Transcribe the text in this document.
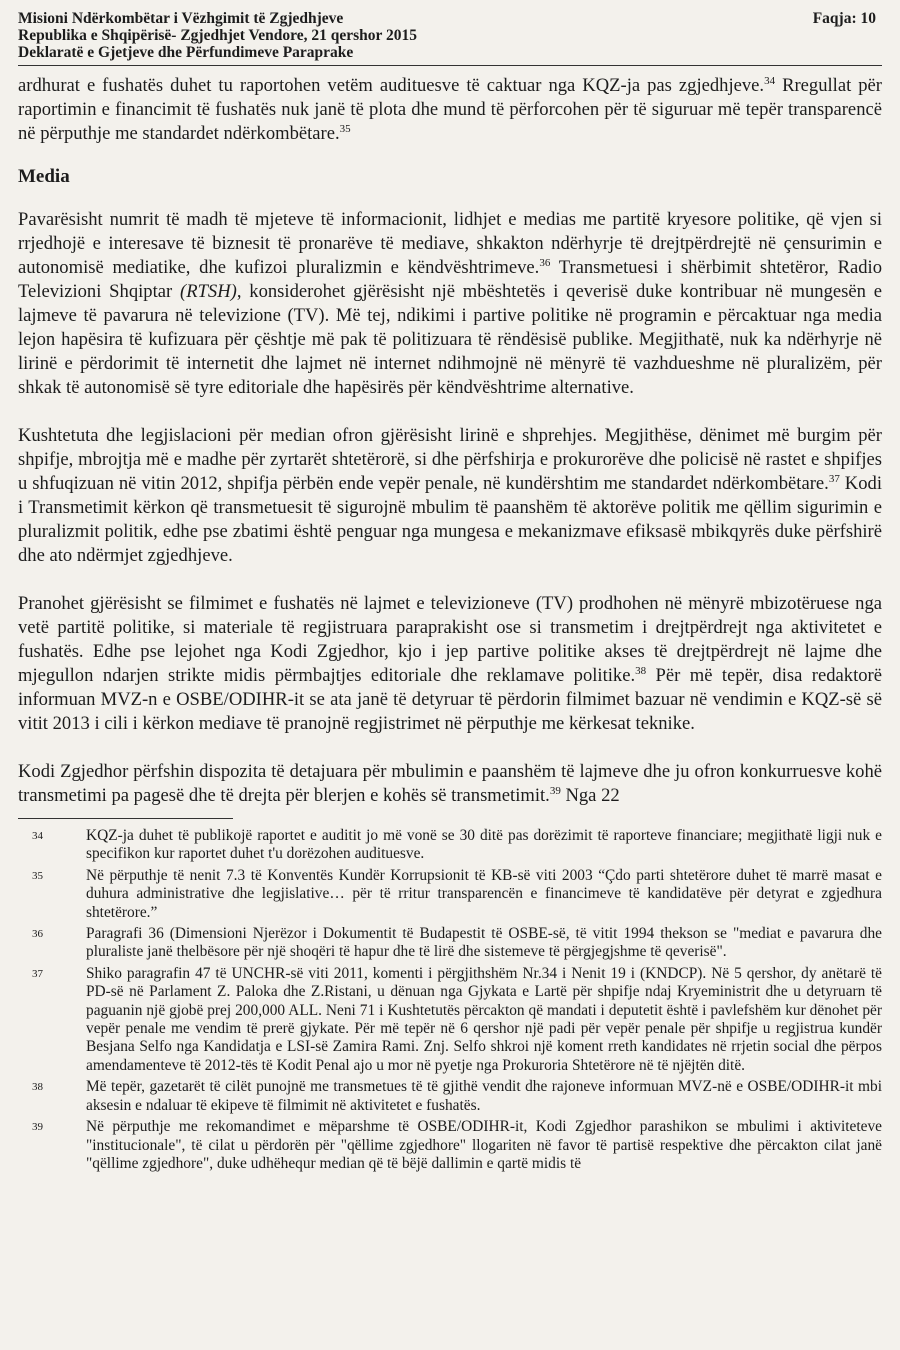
Misioni Ndërkombëtar i Vëzhgimit të Zgjedhjeve
Republika e Shqipërisë- Zgjedhjet Vendore, 21 qershor 2015
Deklaratë e Gjetjeve dhe Përfundimeve Paraprake
Faqja: 10

ardhurat e fushatës duhet tu raportohen vetëm audituesve të caktuar nga KQZ-ja pas zgjedhjeve.$^{34}$ Rregullat për raportimin e financimit të fushatës nuk janë të plota dhe mund të përforcohen për të siguruar më tepër transparencë në përputhje me standardet ndërkombëtare.$^{35}$

Media

Pavarësisht numrit të madh të mjeteve të informacionit, lidhjet e medias me partitë kryesore politike, që vjen si rrjedhojë e interesave të biznesit të pronarëve të mediave, shkakton ndërhyrje të drejtpërdrejtë në çensurimin e autonomisë mediatike, dhe kufizoi pluralizmin e këndvështrimeve.$^{36}$ Transmetuesi i shërbimit shtetëror, Radio Televizioni Shqiptar (RTSH), konsiderohet gjërësisht një mbështetës i qeverisë duke kontribuar në mungesën e lajmeve të pavarura në televizione (TV). Më tej, ndikimi i partive politike në programin e përcaktuar nga media lejon hapësira të kufizuara për çështje më pak të politizuara të rëndësisë publike. Megjithatë, nuk ka ndërhyrje në lirinë e përdorimit të internetit dhe lajmet në internet ndihmojnë në mënyrë të vazhdueshme në pluralizëm, për shkak të autonomisë së tyre editoriale dhe hapësirës për këndvështrime alternative.

Kushtetuta dhe legjislacioni për median ofron gjërësisht lirinë e shprehjes. Megjithëse, dënimet më burgim për shpifje, mbrojtja më e madhe për zyrtarët shtetërorë, si dhe përfshirja e prokurorëve dhe policisë në rastet e shpifjes u shfuqizuan në vitin 2012, shpifja përbën ende vepër penale, në kundërshtim me standardet ndërkombëtare.$^{37}$ Kodi i Transmetimit kërkon që transmetuesit të sigurojnë mbulim të paanshëm të aktorëve politik me qëllim sigurimin e pluralizmit politik, edhe pse zbatimi është penguar nga mungesa e mekanizmave efiksasë mbikqyrës duke përfshirë dhe ato ndërmjet zgjedhjeve.

Pranohet gjërësisht se filmimet e fushatës në lajmet e televizioneve (TV) prodhohen në mënyrë mbizotëruese nga vetë partitë politike, si materiale të regjistruara paraprakisht ose si transmetim i drejtpërdrejt nga aktivitetet e fushatës. Edhe pse lejohet nga Kodi Zgjedhor, kjo i jep partive politike akses të drejtpërdrejt në lajme dhe mjegullon ndarjen strikte midis përmbajtjes editoriale dhe reklamave politike.$^{38}$ Për më tepër, disa redaktorë informuan MVZ-n e OSBE/ODIHR-it se ata janë të detyruar të përdorin filmimet bazuar në vendimin e KQZ-së së vitit 2013 i cili i kërkon mediave të pranojnë regjistrimet në përputhje me kërkesat teknike.

Kodi Zgjedhor përfshin dispozita të detajuara për mbulimin e paanshëm të lajmeve dhe ju ofron konkurruesve kohë transmetimi pa pagesë dhe të drejta për blerjen e kohës së transmetimit.$^{39}$ Nga 22

34	KQZ-ja duhet të publikojë raportet e auditit jo më vonë se 30 ditë pas dorëzimit të raporteve financiare; megjithatë ligji nuk e specifikon kur raportet duhet t'u dorëzohen audituesve.
35	Në përputhje të nenit 7.3 të Konventës Kundër Korrupsionit të KB-së viti 2003 “Çdo parti shtetërore duhet të marrë masat e duhura administrative dhe legjislative… për të rritur transparencën e financimeve të kandidatëve për detyrat e zgjedhura shtetërore.”
36	Paragrafi 36 (Dimensioni Njerëzor i Dokumentit të Budapestit të OSBE-së, të vitit 1994 thekson se "mediat e pavarura dhe pluraliste janë thelbësore për një shoqëri të hapur dhe të lirë dhe sistemeve të përgjegjshme të qeverisë".
37	Shiko paragrafin 47 të UNCHR-së viti 2011, komenti i përgjithshëm Nr.34 i Nenit 19 i (KNDCP). Në 5 qershor, dy anëtarë të PD-së në Parlament Z. Paloka dhe Z.Ristani, u dënuan nga Gjykata e Lartë për shpifje ndaj Kryeministrit dhe u detyruarn të paguanin një gjobë prej 200,000 ALL. Neni 71 i Kushtetutës përcakton që mandati i deputetit është i pavlefshëm kur dënohet për vepër penale me vendim të prerë gjykate. Për më tepër në 6 qershor një padi për vepër penale për shpifje u regjistrua kundër Besjana Selfo nga Kandidatja e LSI-së Zamira Rami. Znj. Selfo shkroi një koment rreth kandidates në rrjetin social dhe përpos amendamenteve të 2012-tës të Kodit Penal ajo u mor në pyetje nga Prokuroria Shtetërore në të njëjtën ditë.
38	Më tepër, gazetarët të cilët punojnë me transmetues të të gjithë vendit dhe rajoneve informuan MVZ-në e OSBE/ODIHR-it mbi aksesin e ndaluar të ekipeve të filmimit në aktivitetet e fushatës.
39	Në përputhje me rekomandimet e mëparshme të OSBE/ODIHR-it, Kodi Zgjedhor parashikon se mbulimi i aktiviteteve "institucionale", të cilat u përdorën për "qëllime zgjedhore" llogariten në favor të partisë respektive dhe përcakton cilat janë "qëllime zgjedhore", duke udhëhequr median që të bëjë dallimin e qartë midis të
